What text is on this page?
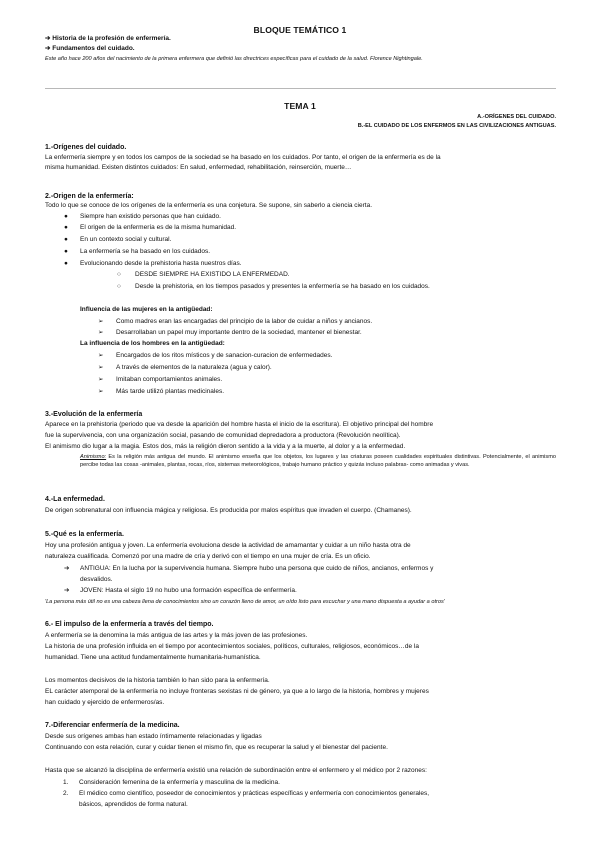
BLOQUE TEMÁTICO 1
➔ Historia de la profesión de enfermería.
➔ Fundamentos del cuidado.
Este año hace 200 años del nacimiento de la primera enfermera que definió las directrices específicas para el cuidado de la salud. Florence Nightingale.
TEMA 1
A.-ORÍGENES DEL CUIDADO.
B.-EL CUIDADO DE LOS ENFERMOS EN LAS CIVILIZACIONES ANTIGUAS.
1.-Orígenes del cuidado.
La enfermería siempre y en todos los campos de la sociedad se ha basado en los cuidados. Por tanto, el origen de la enfermería es de la
misma humanidad. Existen distintos cuidados: En salud, enfermedad, rehabilitación, reinserción, muerte…
2.-Origen de la enfermería:
Todo lo que se conoce de los orígenes de la enfermería es una conjetura. Se supone, sin saberlo a ciencia cierta.
● Siempre han existido personas que han cuidado.
● El origen de la enfermería es de la misma humanidad.
● En un contexto social y cultural.
● La enfermería se ha basado en los cuidados.
● Evolucionando desde la prehistoria hasta nuestros días.
○ DESDE SIEMPRE HA EXISTIDO LA ENFERMEDAD.
○ Desde la prehistoria, en los tiempos pasados y presentes la enfermería se ha basado en los cuidados.
Influencia de las mujeres en la antigüedad:
➢ Como madres eran las encargadas del principio de la labor de cuidar a niños y ancianos.
➢ Desarrollaban un papel muy importante dentro de la sociedad, mantener el bienestar.
La influencia de los hombres en la antigüedad:
➢ Encargados de los ritos místicos y de sanacion-curacion de enfermedades.
➢ A través de elementos de la naturaleza (agua y calor).
➢ Imitaban comportamientos animales.
➢ Más tarde utilizó plantas medicinales.
3.-Evolución de la enfermería
Aparece en la prehistoria (periodo que va desde la aparición del hombre hasta el inicio de la escritura). El objetivo principal del hombre
fue la supervivencia, con una organización social, pasando de comunidad depredadora a productora (Revolución neolítica).
El animismo dio lugar a la magia. Estos dos, más la religión dieron sentido a la vida y a la muerte, al dolor y a la enfermedad.
Animismo: Es la religión más antigua del mundo. El animismo enseña que los objetos, los lugares y las criaturas poseen cualidades espirituales distintivas. Potencialmente, el animismo percibe todas las cosas -animales, plantas, rocas, ríos, sistemas meteorológicos, trabajo humano práctico y quizás incluso palabras- como animadas y vivas.
4.-La enfermedad.
De origen sobrenatural con influencia mágica y religiosa. Es producida por malos espíritus que invaden el cuerpo. (Chamanes).
5.-Qué es la enfermería.
Hoy una profesión antigua y joven. La enfermería evoluciona desde la actividad de amamantar y cuidar a un niño hasta otra de
naturaleza cualificada. Comenzó por una madre de cría y derivó con el tiempo en una mujer de cría. Es un oficio.
➔ ANTIGUA: En la lucha por la supervivencia humana. Siempre hubo una persona que cuido de niños, ancianos, enfermos y
desvalidos.
➔ JOVEN: Hasta el siglo 19 no hubo una formación específica de enfermería.
'La persona más útil no es una cabeza llena de conocimientos sino un corazón lleno de amor, un oído listo para escuchar y una mano dispuesta a ayudar a otros'
6.- El impulso de la enfermería a través del tiempo.
A enfermería se la denomina la más antigua de las artes y la más joven de las profesiones.
La historia de una profesión influida en el tiempo por acontecimientos sociales, políticos, culturales, religiosos, económicos…de la
humanidad. Tiene una actitud fundamentalmente humanitaria-humanística.
Los momentos decisivos de la historia también lo han sido para la enfermería.
EL carácter atemporal de la enfermería no incluye fronteras sexistas ni de género, ya que a lo largo de la historia, hombres y mujeres
han cuidado y ejercido de enfermeros/as.
7.-Diferenciar enfermería de la medicina.
Desde sus orígenes ambas han estado íntimamente relacionadas y ligadas
Continuando con esta relación, curar y cuidar tienen el mismo fin, que es recuperar la salud y el bienestar del paciente.
Hasta que se alcanzó la disciplina de enfermería existió una relación de subordinación entre el enfermero y el médico por 2 razones:
1. Consideración femenina de la enfermería y masculina de la medicina.
2. El médico como científico, poseedor de conocimientos y prácticas específicas y enfermería con conocimientos generales,
básicos, aprendidos de forma natural.
